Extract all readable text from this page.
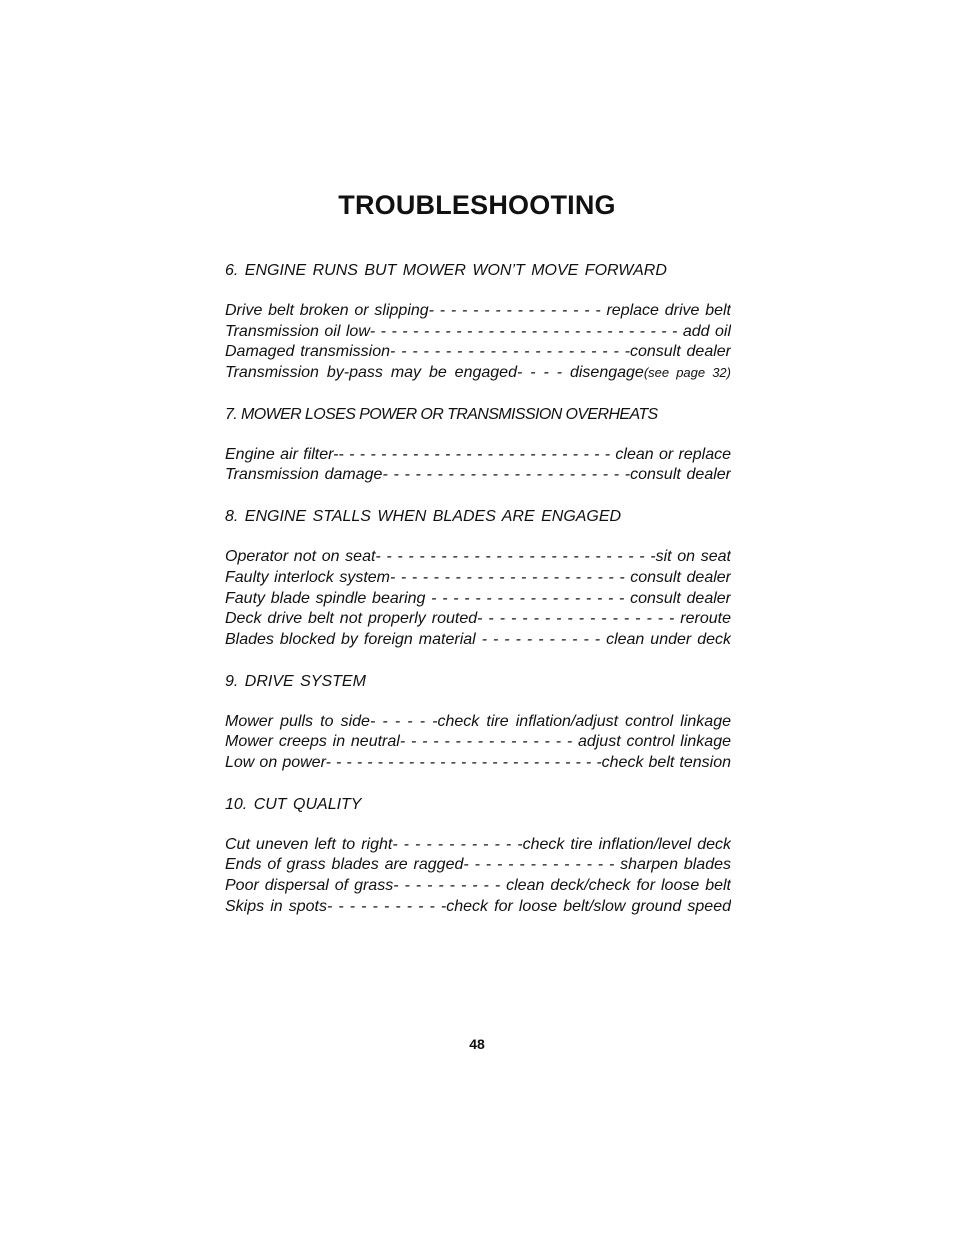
TROUBLESHOOTING
6. ENGINE RUNS BUT MOWER WON’T MOVE FORWARD
Drive belt broken or slipping- - - - - - - - - - - - - - - - replace drive belt
Transmission oil low- - - - - - - - - - - - - - - - - - - - - - - - - - - - - add oil
Damaged transmission- - - - - - - - - - - - - - - - - - - - - -consult dealer
Transmission by-pass may be engaged- - - - disengage(see page 32)
7. MOWER LOSES POWER OR TRANSMISSION OVERHEATS
Engine air filter-- - - - - - - - - - - - - - - - - - - - - - - - - - clean or replace
Transmission damage- - - - - - - - - - - - - - - - - - - - - - -consult dealer
8. ENGINE STALLS WHEN BLADES ARE ENGAGED
Operator not on seat- - - - - - - - - - - - - - - - - - - - - - - - - -sit on seat
Faulty interlock system- - - - - - - - - - - - - - - - - - - - - - consult dealer
Fauty blade spindle bearing - - - - - - - - - - - - - - - - - - consult dealer
Deck drive belt not properly routed- - - - - - - - - - - - - - - - - - reroute
Blades blocked by foreign material - - - - - - - - - - - clean under deck
9. DRIVE SYSTEM
Mower pulls to side- - - - - -check tire inflation/adjust control linkage
Mower creeps in neutral- - - - - - - - - - - - - - - - adjust control linkage
Low on power- - - - - - - - - - - - - - - - - - - - - - - - - - -check belt tension
10. CUT QUALITY
Cut uneven left to right- - - - - - - - - - - -check tire inflation/level deck
Ends of grass blades are ragged- - - - - - - - - - - - - - sharpen blades
Poor dispersal of grass- - - - - - - - - - clean deck/check for loose belt
Skips in spots- - - - - - - - - - -check for loose belt/slow ground speed
48
